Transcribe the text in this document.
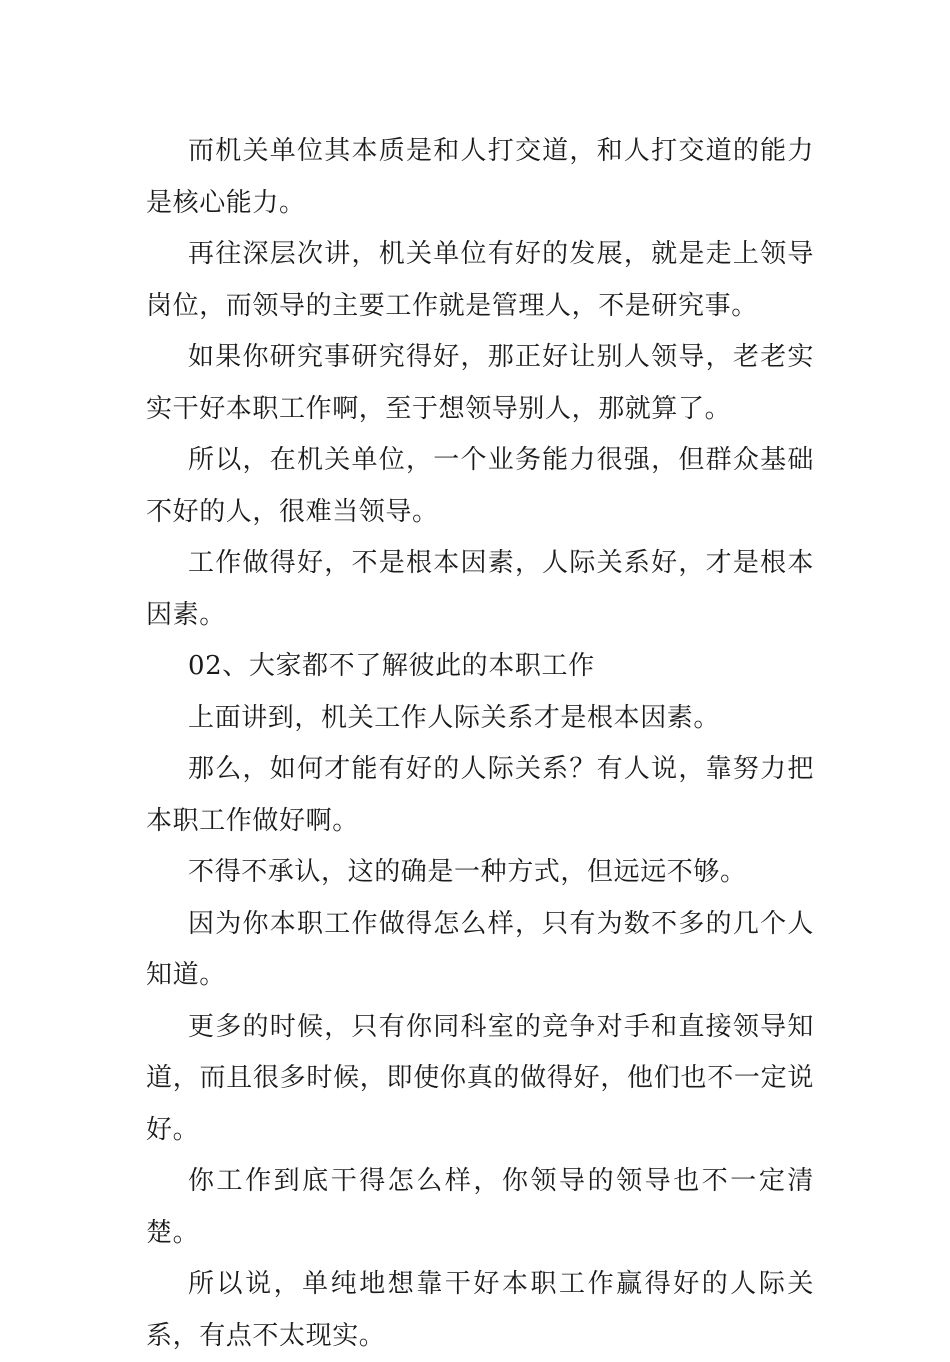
而机关单位其本质是和人打交道，和人打交道的能力是核心能力。

再往深层次讲，机关单位有好的发展，就是走上领导岗位，而领导的主要工作就是管理人，不是研究事。

如果你研究事研究得好，那正好让别人领导，老老实实干好本职工作啊，至于想领导别人，那就算了。

所以，在机关单位，一个业务能力很强，但群众基础不好的人，很难当领导。

工作做得好，不是根本因素，人际关系好，才是根本因素。

02、大家都不了解彼此的本职工作

上面讲到，机关工作人际关系才是根本因素。

那么，如何才能有好的人际关系？有人说，靠努力把本职工作做好啊。

不得不承认，这的确是一种方式，但远远不够。

因为你本职工作做得怎么样，只有为数不多的几个人知道。

更多的时候，只有你同科室的竞争对手和直接领导知道，而且很多时候，即使你真的做得好，他们也不一定说好。

你工作到底干得怎么样，你领导的领导也不一定清楚。

所以说，单纯地想靠干好本职工作赢得好的人际关系，有点不太现实。
